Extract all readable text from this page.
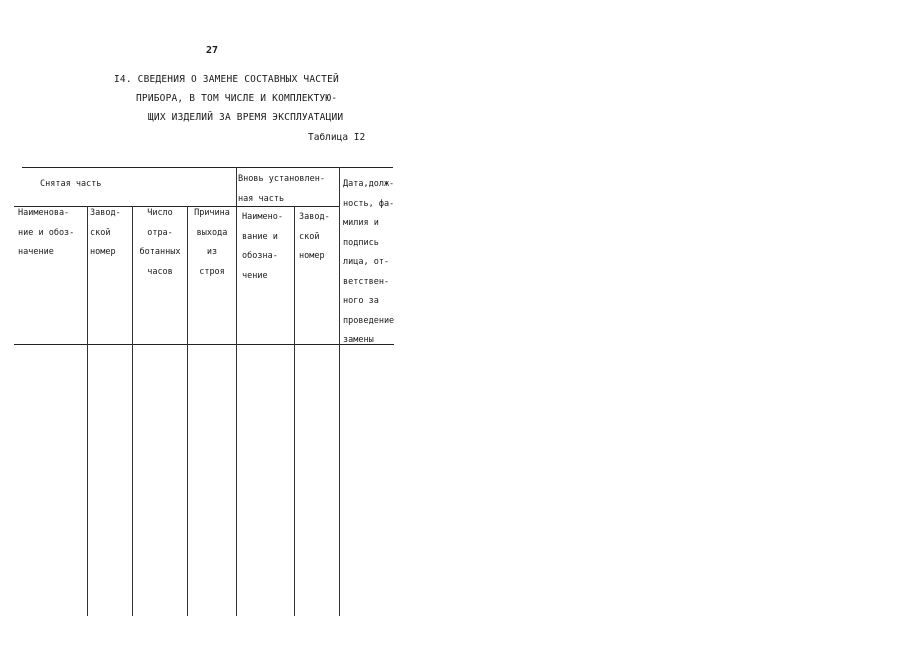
27
I4. СВЕДЕНИЯ О ЗАМЕНЕ СОСТАВНЫХ ЧАСТЕЙ
ПРИБОРА, В ТОМ ЧИСЛЕ И КОМПЛЕКТУЮ-
ЩИХ ИЗДЕЛИЙ ЗА ВРЕМЯ ЭКСПЛУАТАЦИИ
Таблица I2
Снятая часть	Вновь установлен-
ная часть
Дата,долж-
ность, фа-
милия и
подпись
лица, от-
ветствен-
ного за
проведение
замены
Наименова-
ние и обоз-
начение
Завод-
ской
номер
Число
отра-
ботанных
часов
Причина
выхода
из
строя
Наимено-
вание и
обозна-
чение
Завод-
ской
номер
